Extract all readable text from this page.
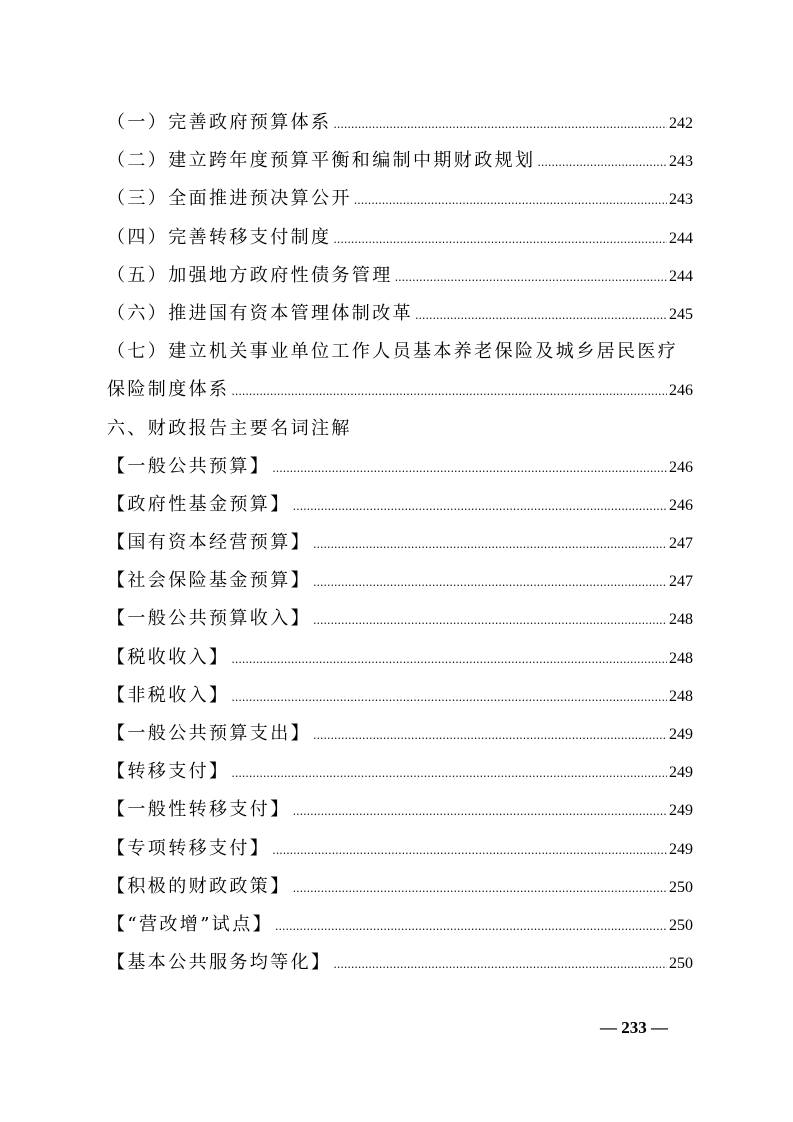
（一）完善政府预算体系 .....	242
（二）建立跨年度预算平衡和编制中期财政规划 .....	243
（三）全面推进预决算公开 .....	243
（四）完善转移支付制度 .....	244
（五）加强地方政府性债务管理 .....	244
（六）推进国有资本管理体制改革 .....	245
（七）建立机关事业单位工作人员基本养老保险及城乡居民医疗
保险制度体系 .....	246
六、财政报告主要名词注解
【一般公共预算】 .....	246
【政府性基金预算】 .....	246
【国有资本经营预算】 .....	247
【社会保险基金预算】 .....	247
【一般公共预算收入】 .....	248
【税收收入】 .....	248
【非税收入】 .....	248
【一般公共预算支出】 .....	249
【转移支付】 .....	249
【一般性转移支付】 .....	249
【专项转移支付】 .....	249
【积极的财政政策】 .....	250
【“营改增”试点】 .....	250
【基本公共服务均等化】 .....	250
— 233 —
